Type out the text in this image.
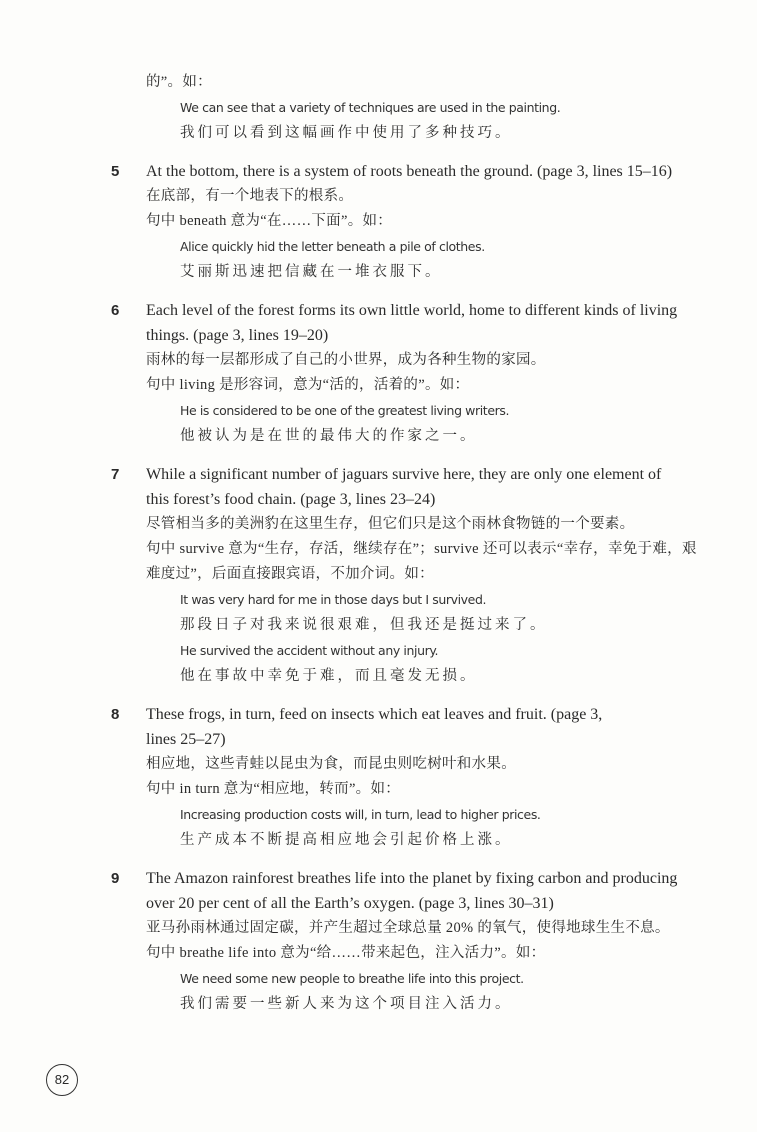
的”。如：
We can see that a variety of techniques are used in the painting.
我们可以看到这幅画作中使用了多种技巧。
5	At the bottom, there is a system of roots beneath the ground. (page 3, lines 15–16)
在底部，有一个地表下的根系。
句中 beneath 意为“在……下面”。如：
Alice quickly hid the letter beneath a pile of clothes.
艾丽斯迅速把信藏在一堆衣服下。
6	Each level of the forest forms its own little world, home to different kinds of living
things. (page 3, lines 19–20)
雨林的每一层都形成了自己的小世界，成为各种生物的家园。
句中 living 是形容词，意为“活的，活着的”。如：
He is considered to be one of the greatest living writers.
他被认为是在世的最伟大的作家之一。
7	While a significant number of jaguars survive here, they are only one element of
this forest’s food chain. (page 3, lines 23–24)
尽管相当多的美洲豹在这里生存，但它们只是这个雨林食物链的一个要素。
句中 survive 意为“生存，存活，继续存在”；survive 还可以表示“幸存，幸免于难，艰
难度过”，后面直接跟宾语，不加介词。如：
It was very hard for me in those days but I survived.
那段日子对我来说很艰难，但我还是挺过来了。
He survived the accident without any injury.
他在事故中幸免于难，而且毫发无损。
8	These frogs, in turn, feed on insects which eat leaves and fruit. (page 3,
lines 25–27)
相应地，这些青蛙以昆虫为食，而昆虫则吃树叶和水果。
句中 in turn 意为“相应地，转而”。如：
Increasing production costs will, in turn, lead to higher prices.
生产成本不断提高相应地会引起价格上涨。
9	The Amazon rainforest breathes life into the planet by fixing carbon and producing
over 20 per cent of all the Earth’s oxygen. (page 3, lines 30–31)
亚马孙雨林通过固定碳，并产生超过全球总量 20% 的氧气，使得地球生生不息。
句中 breathe life into 意为“给……带来起色，注入活力”。如：
We need some new people to breathe life into this project.
我们需要一些新人来为这个项目注入活力。
82
